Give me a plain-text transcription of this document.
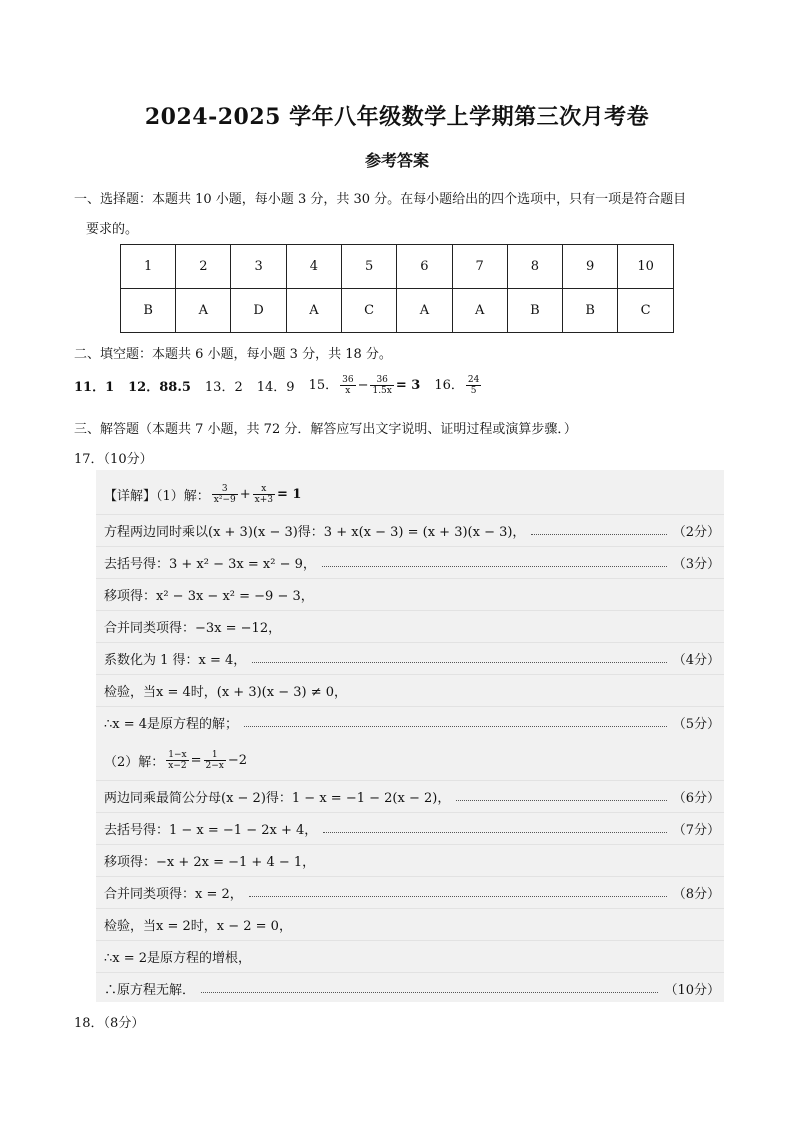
2024-2025 学年八年级数学上学期第三次月考卷
参考答案
一、选择题：本题共 10 小题，每小题 3 分，共 30 分。在每小题给出的四个选项中，只有一项是符合题目
要求的。
1	2	3	4	5	6	7	8	9	10
B	A	D	A	C	A	A	B	B	C
二、填空题：本题共 6 小题，每小题 3 分，共 18 分。
11．1 12．88.5 13．2 14．9 15． $\frac{36}{x} - \frac{36}{1.5x} = 3$ 16． $\frac{24}{5}$
三、解答题（本题共 7 小题，共 72 分．解答应写出文字说明、证明过程或演算步骤．）
17．（10分）
【详解】（1）解： $\frac{3}{\text{x²−9}} + \frac{x}{x+3} = 1$
（2）解： $\frac{1-x}{x-2} = \frac{1}{2-x} -2$
18．（8分）
方程两边同时乘以(x + 3)(x − 3)得：3 + x(x − 3) = (x + 3)(x − 3)，	（2分）
去括号得：3 + x² − 3x = x² − 9，	（3分）
移项得：x² − 3x − x² = −9 − 3，
合并同类项得：−3x = −12，
系数化为 1 得：x = 4，	（4分）
检验，当x = 4时，(x + 3)(x − 3) ≠ 0，
∴x = 4是原方程的解；	（5分）
两边同乘最简公分母(x − 2)得：1 − x = −1 − 2(x − 2)，	（6分）
去括号得：1 − x = −1 − 2x + 4，	（7分）
移项得：−x + 2x = −1 + 4 − 1，
合并同类项得：x = 2，	（8分）
检验，当x = 2时，x − 2 = 0，
∴x = 2是原方程的增根，
∴原方程无解．	（10分）
